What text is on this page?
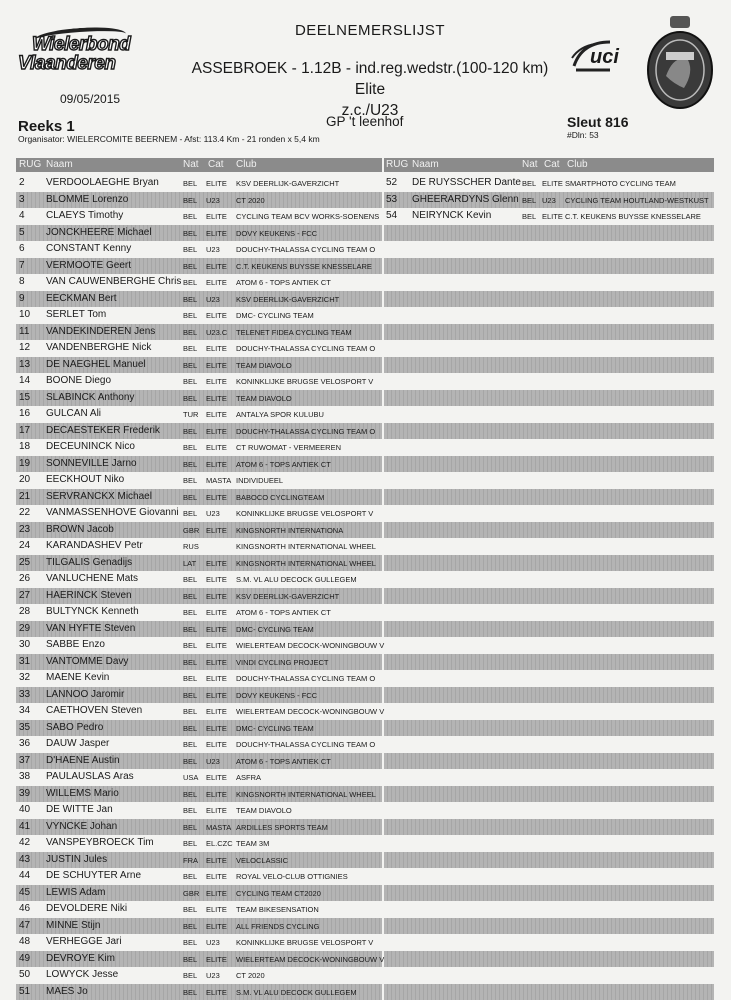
Wielerbond
Vlaanderen
09/05/2015
DEELNEMERSLIJST
ASSEBROEK - 1.12B - ind.reg.wedstr.(100-120 km) Elite
z.c./U23
uci
Reeks 1
Organisator: WIELERCOMITE BEERNEM - Afst: 113.4 Km - 21 ronden x 5,4 km
GP 't leenhof	Sleut 816
#Dln: 53
RUG Naam	Nat Cat Club
2 VERDOOLAEGHE Bryan	BEL ELITE KSV DEERLIJK-GAVERZICHT
3 BLOMME Lorenzo	BEL U23 CT 2020
4 CLAEYS Timothy	BEL ELITE CYCLING TEAM BCV WORKS-SOENENS
5 JONCKHEERE Michael	BEL ELITE DOVY KEUKENS - FCC
6 CONSTANT Kenny	BEL U23 DOUCHY-THALASSA CYCLING TEAM O
7 VERMOOTE Geert	BEL ELITE C.T. KEUKENS BUYSSE KNESSELARE
8 VAN CAUWENBERGHE Chris BEL ELITE ATOM 6 - TOPS ANTIEK CT
9 EECKMAN Bert	BEL U23 KSV DEERLIJK-GAVERZICHT
10 SERLET Tom	BEL ELITE DMC- CYCLING TEAM
11 VANDEKINDEREN Jens	BEL U23.C TELENET FIDEA CYCLING TEAM
12 VANDENBERGHE Nick	BEL ELITE DOUCHY-THALASSA CYCLING TEAM O
13 DE NAEGHEL Manuel	BEL ELITE TEAM DIAVOLO
14 BOONE Diego	BEL ELITE KONINKLIJKE BRUGSE VELOSPORT V
15 SLABINCK Anthony	BEL ELITE TEAM DIAVOLO
16 GULCAN Ali	TUR ELITE ANTALYA SPOR KULUBU
17 DECAESTEKER Frederik	BEL ELITE DOUCHY-THALASSA CYCLING TEAM O
18 DECEUNINCK Nico	BEL ELITE CT RUWOMAT - VERMEEREN
19 SONNEVILLE Jarno	BEL ELITE ATOM 6 - TOPS ANTIEK CT
20 EECKHOUT Niko	BEL MASTA INDIVIDUEEL
21 SERVRANCKX Michael	BEL ELITE BABOCO CYCLINGTEAM
22 VANMASSENHOVE Giovanni BEL U23 KONINKLIJKE BRUGSE VELOSPORT V
23 BROWN Jacob	GBR ELITE KINGSNORTH INTERNATIONA
24 KARANDASHEV Petr	RUS	KINGSNORTH INTERNATIONAL WHEEL
25 TILGALIS Genadijs	LAT ELITE KINGSNORTH INTERNATIONAL WHEEL
26 VANLUCHENE Mats	BEL ELITE S.M. VL ALU DECOCK GULLEGEM
27 HAERINCK Steven	BEL ELITE KSV DEERLIJK-GAVERZICHT
28 BULTYNCK Kenneth	BEL ELITE ATOM 6 - TOPS ANTIEK CT
29 VAN HYFTE Steven	BEL ELITE DMC- CYCLING TEAM
30 SABBE Enzo	BEL ELITE WIELERTEAM DECOCK-WONINGBOUW V
31 VANTOMME Davy	BEL ELITE VINDI CYCLING PROJECT
32 MAENE Kevin	BEL ELITE DOUCHY-THALASSA CYCLING TEAM O
33 LANNOO Jaromir	BEL ELITE DOVY KEUKENS - FCC
34 CAETHOVEN Steven	BEL ELITE WIELERTEAM DECOCK-WONINGBOUW V
35 SABO Pedro	BEL ELITE DMC- CYCLING TEAM
36 DAUW Jasper	BEL ELITE DOUCHY-THALASSA CYCLING TEAM O
37 D'HAENE Austin	BEL U23 ATOM 6 - TOPS ANTIEK CT
38 PAULAUSLAS Aras	USA ELITE ASFRA
39 WILLEMS Mario	BEL ELITE KINGSNORTH INTERNATIONAL WHEEL
40 DE WITTE Jan	BEL ELITE TEAM DIAVOLO
41 VYNCKE Johan	BEL MASTA ARDILLES SPORTS TEAM
42 VANSPEYBROECK Tim	BEL EL.CZC TEAM 3M
43 JUSTIN Jules	FRA ELITE VELOCLASSIC
44 DE SCHUYTER Arne	BEL ELITE ROYAL VELO-CLUB OTTIGNIES
45 LEWIS Adam	GBR ELITE CYCLING TEAM CT2020
46 DEVOLDERE Niki	BEL ELITE TEAM BIKESENSATION
47 MINNE Stijn	BEL ELITE ALL FRIENDS CYCLING
48 VERHEGGE Jari	BEL U23 KONINKLIJKE BRUGSE VELOSPORT V
49 DEVROYE Kim	BEL ELITE WIELERTEAM DECOCK-WONINGBOUW V
50 LOWYCK Jesse	BEL U23 CT 2020
51 MAES Jo	BEL ELITE S.M. VL ALU DECOCK GULLEGEM
RUG Naam	Nat Cat Club
52 DE RUYSSCHER Dante BEL ELITE SMARTPHOTO CYCLING TEAM
53 GHEERARDYNS Glenn BEL U23 CYCLING TEAM HOUTLAND-WESTKUST
54 NEIRYNCK Kevin	BEL ELITE C.T. KEUKENS BUYSSE KNESSELARE
